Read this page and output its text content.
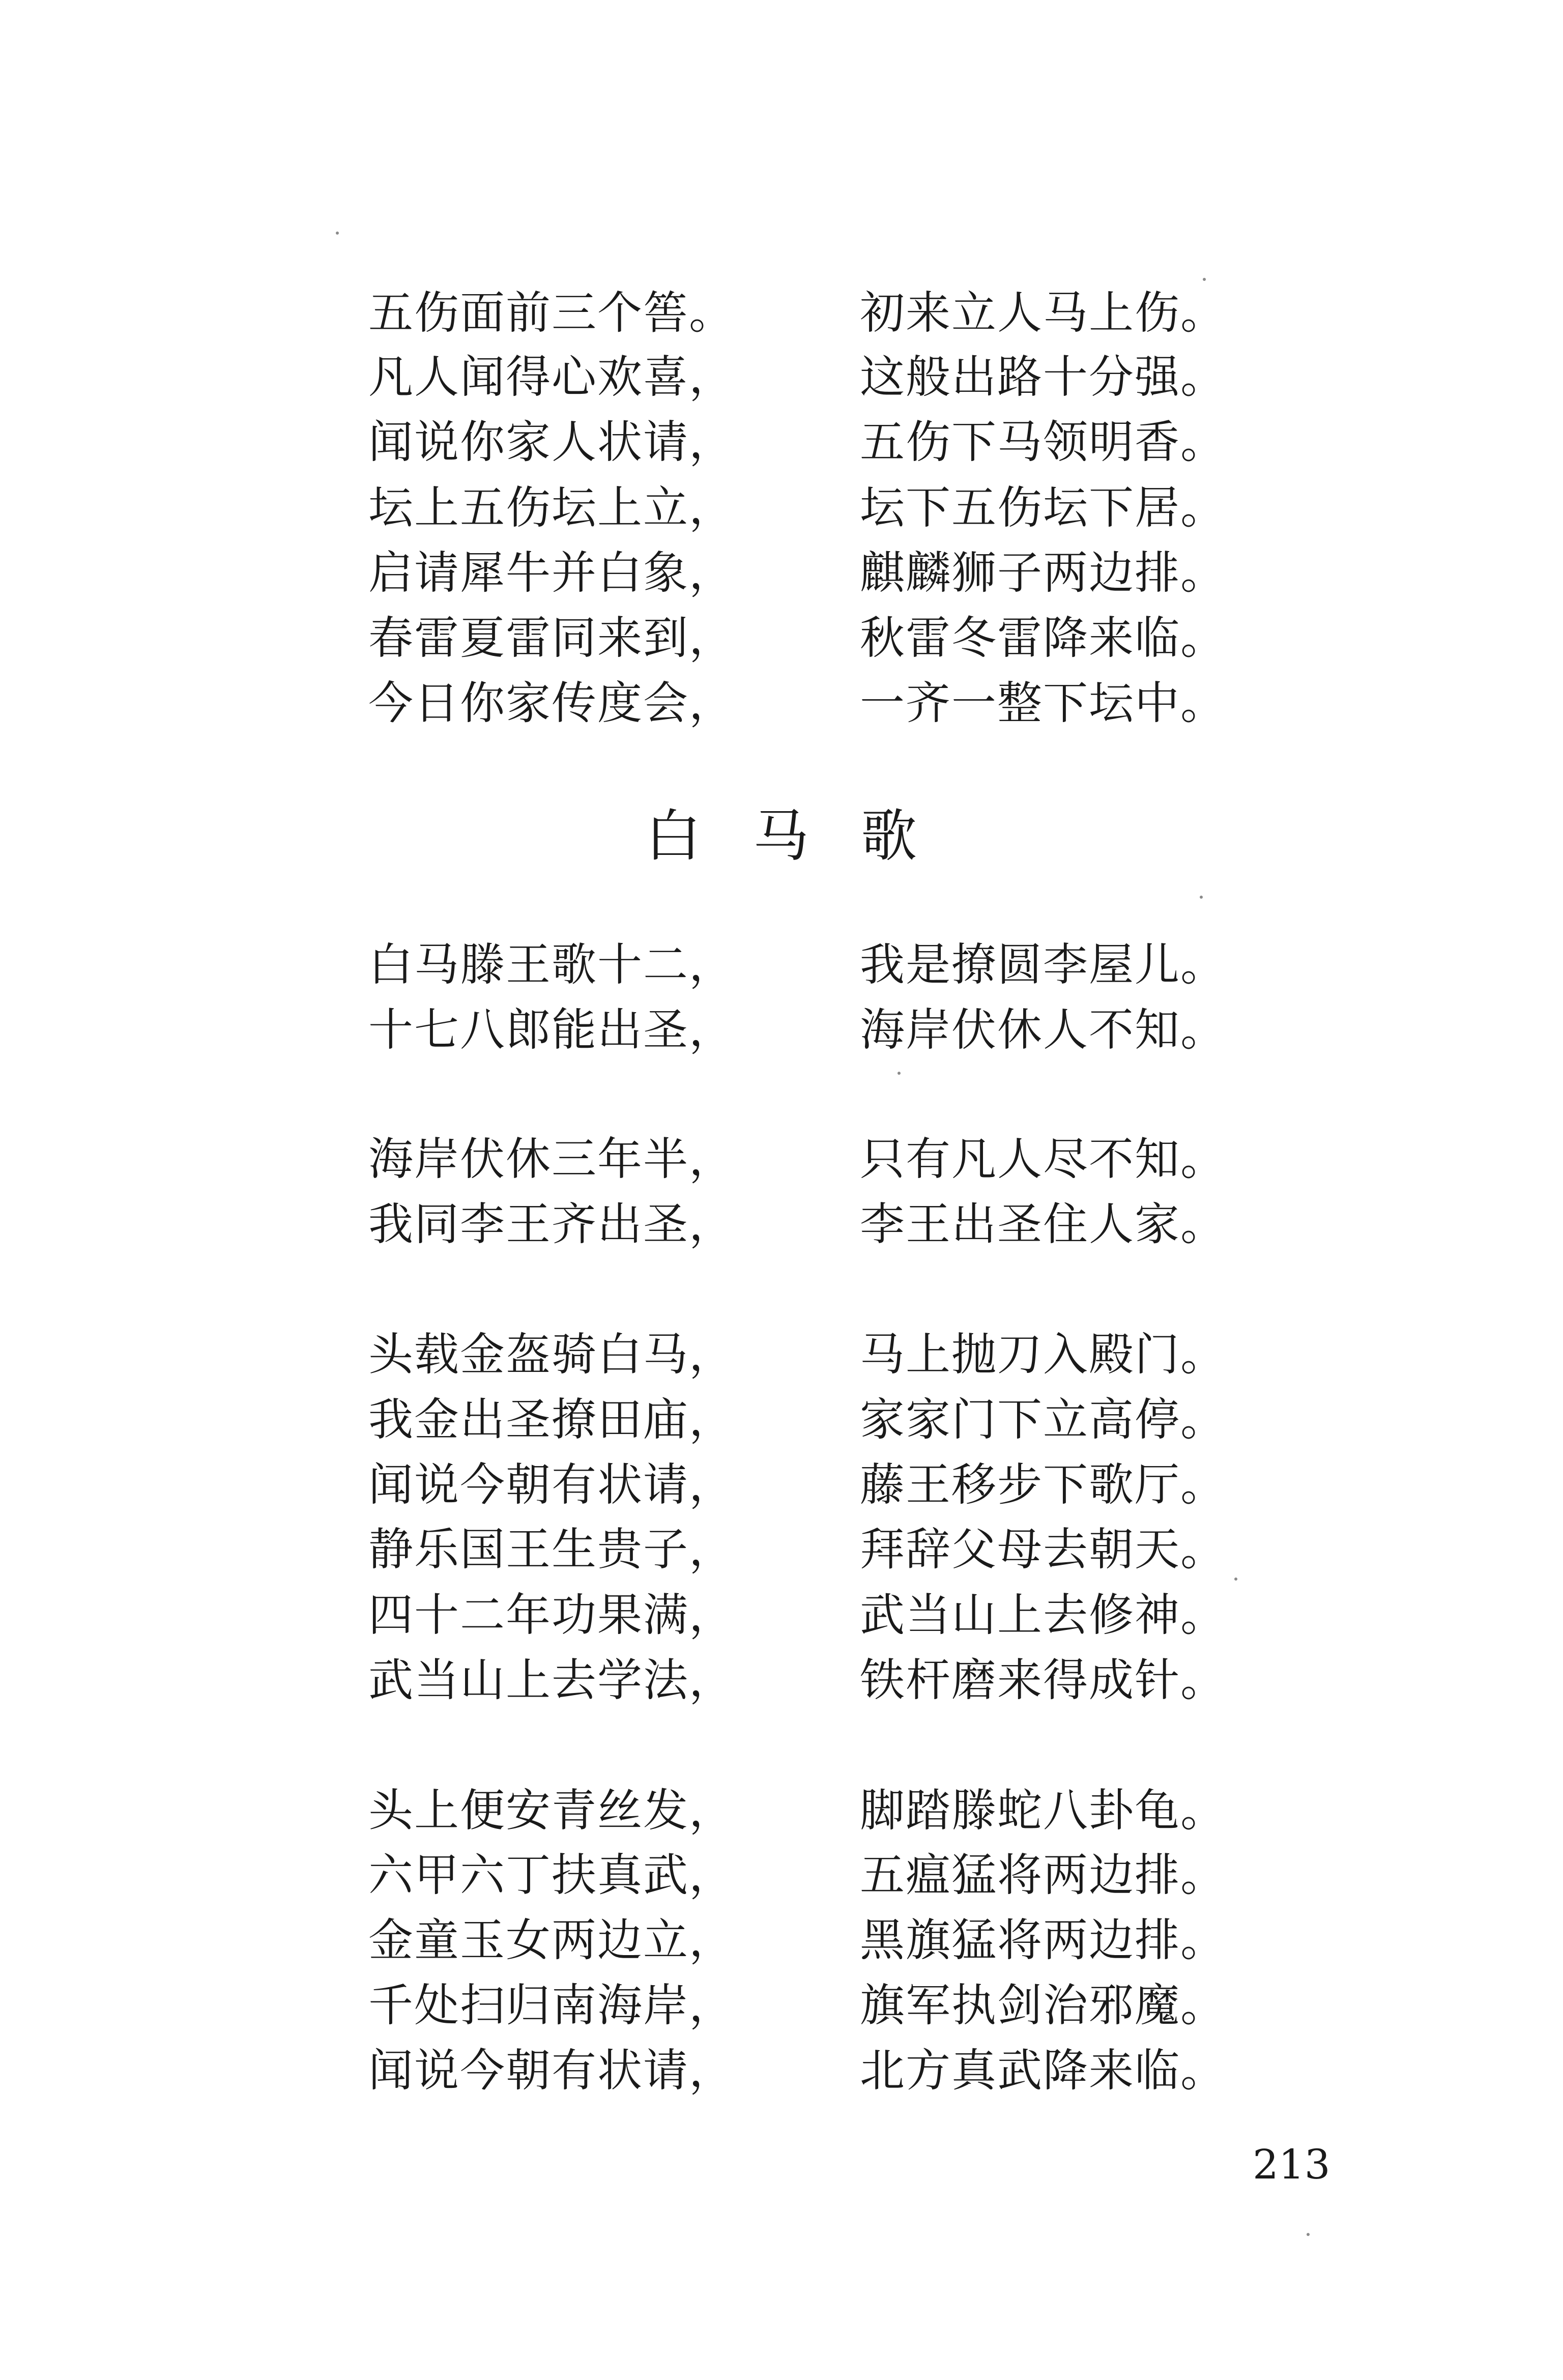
五伤面前三个筶。	初来立人马上伤。
凡人闻得心欢喜，	这般出路十分强。
闻说你家人状请，	五伤下马领明香。
坛上五伤坛上立，	坛下五伤坛下居。
启请犀牛并白象，	麒麟狮子两边排。
春雷夏雷同来到，	秋雷冬雷降来临。
今日你家传度会，	一齐一整下坛中。
白 马 歌
白马滕王歌十二，	我是撩圆李屋儿。
十七八郎能出圣，	海岸伏休人不知。
海岸伏休三年半，	只有凡人尽不知。
我同李王齐出圣，	李王出圣住人家。
头载金盔骑白马，	马上抛刀入殿门。
我金出圣撩田庙，	家家门下立高停。
闻说今朝有状请，	藤王移步下歌厅。
静乐国王生贵子，	拜辞父母去朝天。
四十二年功果满，	武当山上去修神。
武当山上去学法，	铁杆磨来得成针。
头上便安青丝发，	脚踏滕蛇八卦龟。
六甲六丁扶真武，	五瘟猛将两边排。
金童玉女两边立，	黑旗猛将两边排。
千处扫归南海岸，	旗军执剑治邪魔。
闻说今朝有状请，	北方真武降来临。
213
